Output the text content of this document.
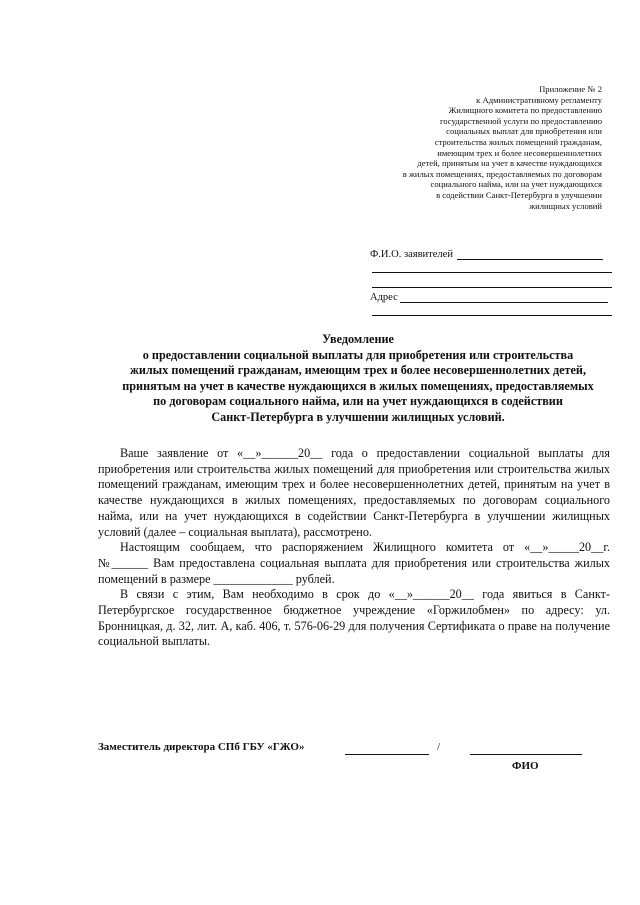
Приложение № 2
к Административному регламенту
Жилищного комитета по предоставлению
государственной услуги по предоставлению
социальных выплат для приобретения или
строительства жилых помещений гражданам,
имеющим трех и более несовершеннолетних
детей, принятым на учет в качестве нуждающихся
в жилых помещениях, предоставляемых по договорам
социального найма, или на учет нуждающихся
в содействии Санкт-Петербурга в улучшении
жилищных условий
Ф.И.О. заявителей
Адрес
Уведомление
о предоставлении социальной выплаты для приобретения или строительства
жилых помещений гражданам, имеющим трех и более несовершеннолетних детей,
принятым на учет в качестве нуждающихся в жилых помещениях, предоставляемых
по договорам социального найма, или на учет нуждающихся в содействии
Санкт-Петербурга в улучшении жилищных условий.

Ваше заявление от «__»______20__ года о предоставлении социальной выплаты для приобретения или строительства жилых помещений для приобретения или строительства жилых помещений гражданам, имеющим трех и более несовершеннолетних детей, принятым на учет в качестве нуждающихся в жилых помещениях, предоставляемых по договорам социального найма, или на учет нуждающихся в содействии Санкт-Петербурга в улучшении жилищных условий (далее – социальная выплата), рассмотрено.

Настоящим сообщаем, что распоряжением Жилищного комитета от «__»_____20__г. №______ Вам предоставлена социальная выплата для приобретения или строительства жилых помещений в размере _____________ рублей.

В связи с этим, Вам необходимо в срок до «__»______20__ года явиться в Санкт-Петербургское государственное бюджетное учреждение «Горжилобмен» по адресу: ул. Бронницкая, д. 32, лит. А, каб. 406, т. 576-06-29 для получения Сертификата о праве на получение социальной выплаты.

Заместитель директора СПб ГБУ «ГЖО»	/
ФИО
